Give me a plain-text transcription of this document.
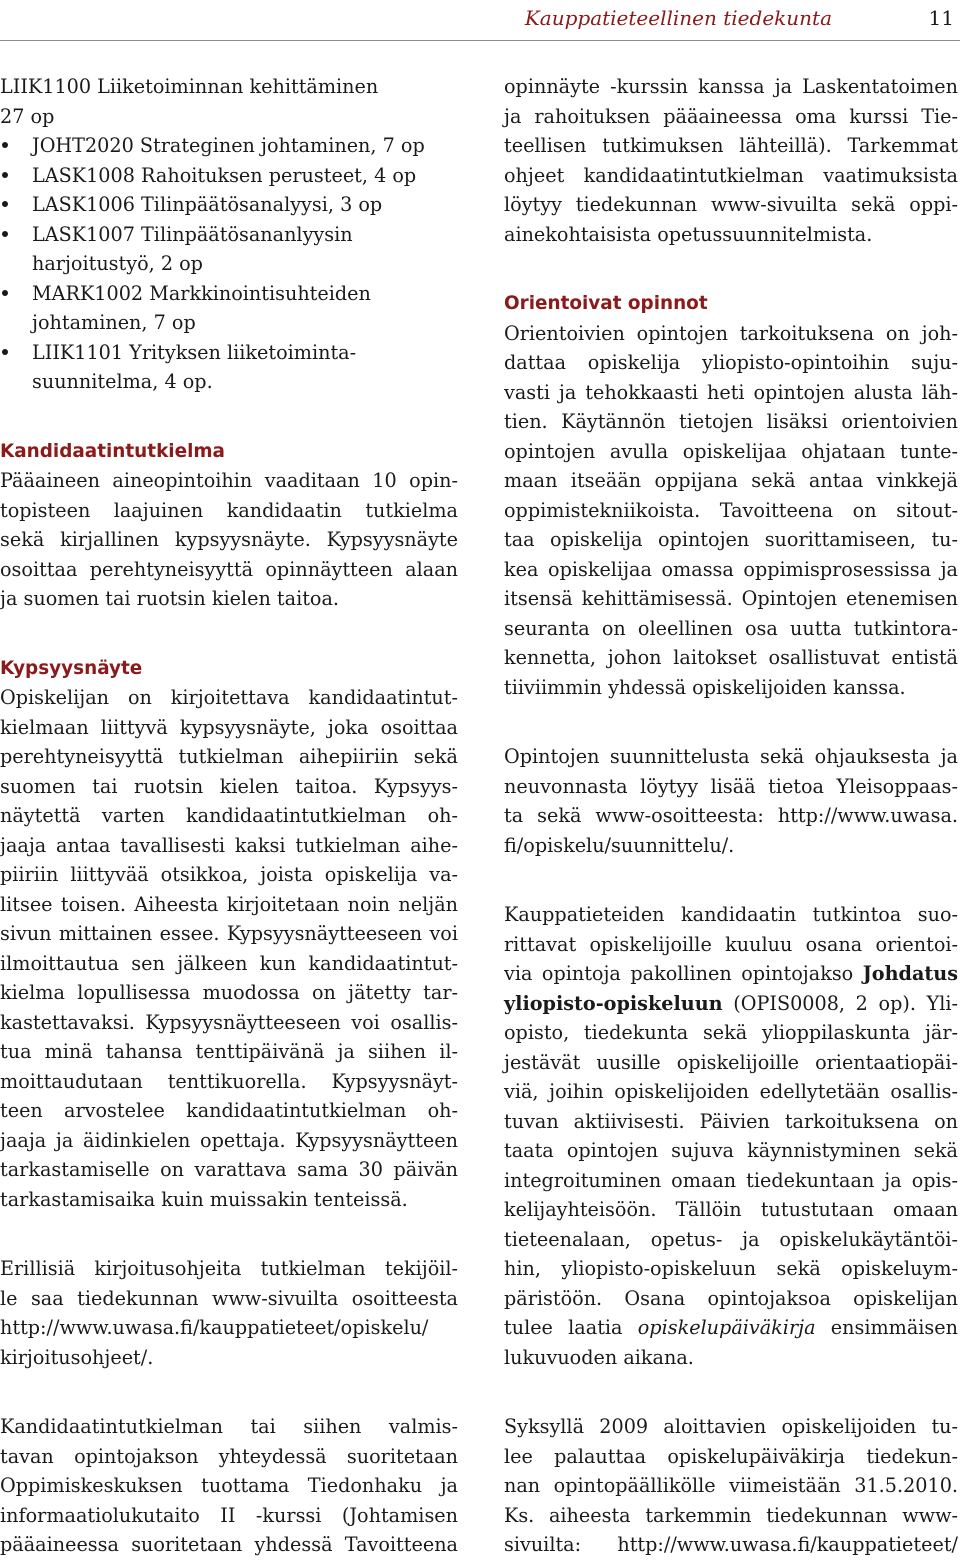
Kauppatieteellinen tiedekunta	11
LIIK1100 Liiketoiminnan kehittäminen
27 op
JOHT2020 Strateginen johtaminen, 7 op
LASK1008 Rahoituksen perusteet, 4 op
LASK1006 Tilinpäätösanalyysi, 3 op
LASK1007 Tilinpäätösananlyysin
harjoitustyö, 2 op
MARK1002 Markkinointisuhteiden
johtaminen, 7 op
LIIK1101 Yrityksen liiketoiminta-
suunnitelma, 4 op.
Kandidaatintutkielma
Pääaineen aineopintoihin vaaditaan 10 opin-
topisteen laajuinen kandidaatin tutkielma
sekä kirjallinen kypsyysnäyte. Kypsyysnäyte
osoittaa perehtyneisyyttä opinnäytteen alaan
ja suomen tai ruotsin kielen taitoa.
Kypsyysnäyte
Opiskelijan on kirjoitettava kandidaatintut-
kielmaan liittyvä kypsyysnäyte, joka osoittaa
perehtyneisyyttä tutkielman aihepiiriin sekä
suomen tai ruotsin kielen taitoa. Kypsyys-
näytettä varten kandidaatintutkielman oh-
jaaja antaa tavallisesti kaksi tutkielman aihe-
piiriin liittyvää otsikkoa, joista opiskelija va-
litsee toisen. Aiheesta kirjoitetaan noin neljän
sivun mittainen essee. Kypsyysnäytteeseen voi
ilmoittautua sen jälkeen kun kandidaatintut-
kielma lopullisessa muodossa on jätetty tar-
kastettavaksi. Kypsyysnäytteeseen voi osallis-
tua minä tahansa tenttipäivänä ja siihen il-
moittaudutaan tenttikuorella. Kypsyysnäyt-
teen arvostelee kandidaatintutkielman oh-
jaaja ja äidinkielen opettaja. Kypsyysnäytteen
tarkastamiselle on varattava sama 30 päivän
tarkastamisaika kuin muissakin tenteissä.
Erillisiä kirjoitusohjeita tutkielman tekijöil-
le saa tiedekunnan www-sivuilta osoitteesta
http://www.uwasa.fi/kauppatieteet/opiskelu/
kirjoitusohjeet/.
Kandidaatintutkielman tai siihen valmis-
tavan opintojakson yhteydessä suoritetaan
Oppimiskeskuksen tuottama Tiedonhaku ja
informaatiolukutaito II -kurssi (Johtamisen
pääaineessa suoritetaan yhdessä Tavoitteena
opinnäyte -kurssin kanssa ja Laskentatoimen
ja rahoituksen pääaineessa oma kurssi Tie-
teellisen tutkimuksen lähteillä). Tarkemmat
ohjeet kandidaatintutkielman vaatimuksista
löytyy tiedekunnan www-sivuilta sekä oppi-
ainekohtaisista opetussuunnitelmista.
Orientoivat opinnot
Orientoivien opintojen tarkoituksena on joh-
dattaa opiskelija yliopisto-opintoihin suju-
vasti ja tehokkaasti heti opintojen alusta läh-
tien. Käytännön tietojen lisäksi orientoivien
opintojen avulla opiskelijaa ohjataan tunte-
maan itseään oppijana sekä antaa vinkkejä
oppimistekniikoista. Tavoitteena on sitout-
taa opiskelija opintojen suorittamiseen, tu-
kea opiskelijaa omassa oppimisprosessissa ja
itsensä kehittämisessä. Opintojen etenemisen
seuranta on oleellinen osa uutta tutkintora-
kennetta, johon laitokset osallistuvat entistä
tiiviimmin yhdessä opiskelijoiden kanssa.
Opintojen suunnittelusta sekä ohjauksesta ja
neuvonnasta löytyy lisää tietoa Yleisoppaas-
ta sekä www-osoitteesta: http://www.uwasa.
fi/opiskelu/suunnittelu/.
Kauppatieteiden kandidaatin tutkintoa suo-
rittavat opiskelijoille kuuluu osana orientoi-
via opintoja pakollinen opintojakso Johdatus
yliopisto-opiskeluun (OPIS0008, 2 op). Yli-
opisto, tiedekunta sekä ylioppilaskunta jär-
jestävät uusille opiskelijoille orientaatiopäi-
viä, joihin opiskelijoiden edellytetään osallis-
tuvan aktiivisesti. Päivien tarkoituksena on
taata opintojen sujuva käynnistyminen sekä
integroituminen omaan tiedekuntaan ja opis-
kelijayhteisöön. Tällöin tutustutaan omaan
tieteenalaan, opetus- ja opiskelukäytäntöi-
hin, yliopisto-opiskeluun sekä opiskeluym-
päristöön. Osana opintojaksoa opiskelijan
tulee laatia opiskelupäiväkirja ensimmäisen
lukuvuoden aikana.
Syksyllä 2009 aloittavien opiskelijoiden tu-
lee palauttaa opiskelupäiväkirja tiedekun-
nan opintopäällikölle viimeistään 31.5.2010.
Ks. aiheesta tarkemmin tiedekunnan www-
sivuilta: http://www.uwasa.fi/kauppatieteet/
